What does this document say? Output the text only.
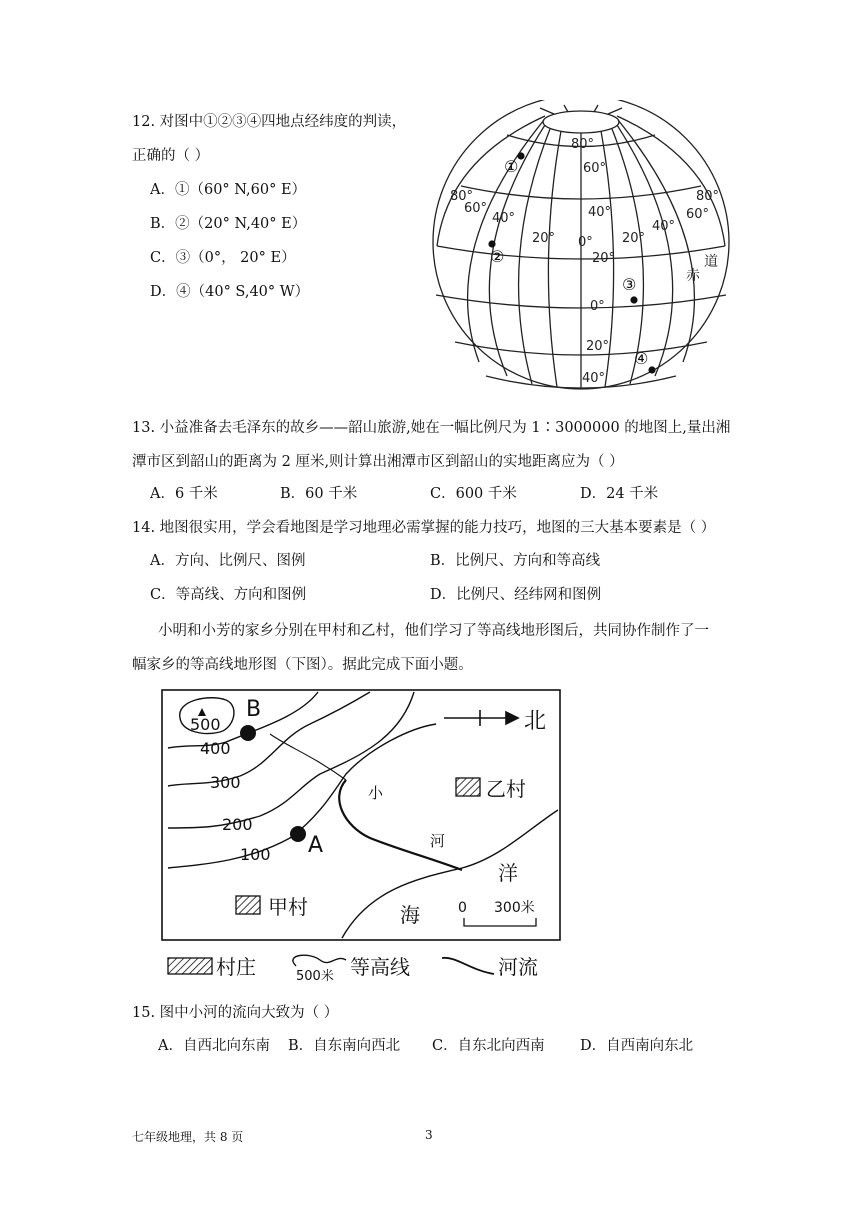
12. 对图中①②③④四地点经纬度的判读，
正确的（ ）
A．①（60° N,60° E）
B．②（20° N,40° E）
C．③（0°， 20° E）
D．④（40° S,40° W）
80°
60°
40°
20°
0°
20°
40°
80°
60°
40°
20° 0° 20°
40°
60°
80°
赤
道
①
②
③
④
13. 小益准备去毛泽东的故乡——韶山旅游,她在一幅比例尺为 1∶3000000 的地图上,量出湘
潭市区到韶山的距离为 2 厘米,则计算出湘潭市区到韶山的实地距离应为（ ）
A．6 千米	B．60 千米	C．600 千米	D．24 千米
14. 地图很实用，学会看地图是学习地理必需掌握的能力技巧，地图的三大基本要素是（ ）
A．方向、比例尺、图例	B．比例尺、方向和等高线
C．等高线、方向和图例	D．比例尺、经纬网和图例
小明和小芳的家乡分别在甲村和乙村，他们学习了等高线地形图后，共同协作制作了一
幅家乡的等高线地形图（下图）。据此完成下面小题。
500
400
300
200
100
B
A
小
河
洋
海
北
乙村
甲村	0 300米
村庄	500米 等高线	河流
15. 图中小河的流向大致为（ ）
A．自西北向东南 B．自东南向西北 C．自东北向西南 D．自西南向东北
七年级地理，共 8 页	3
